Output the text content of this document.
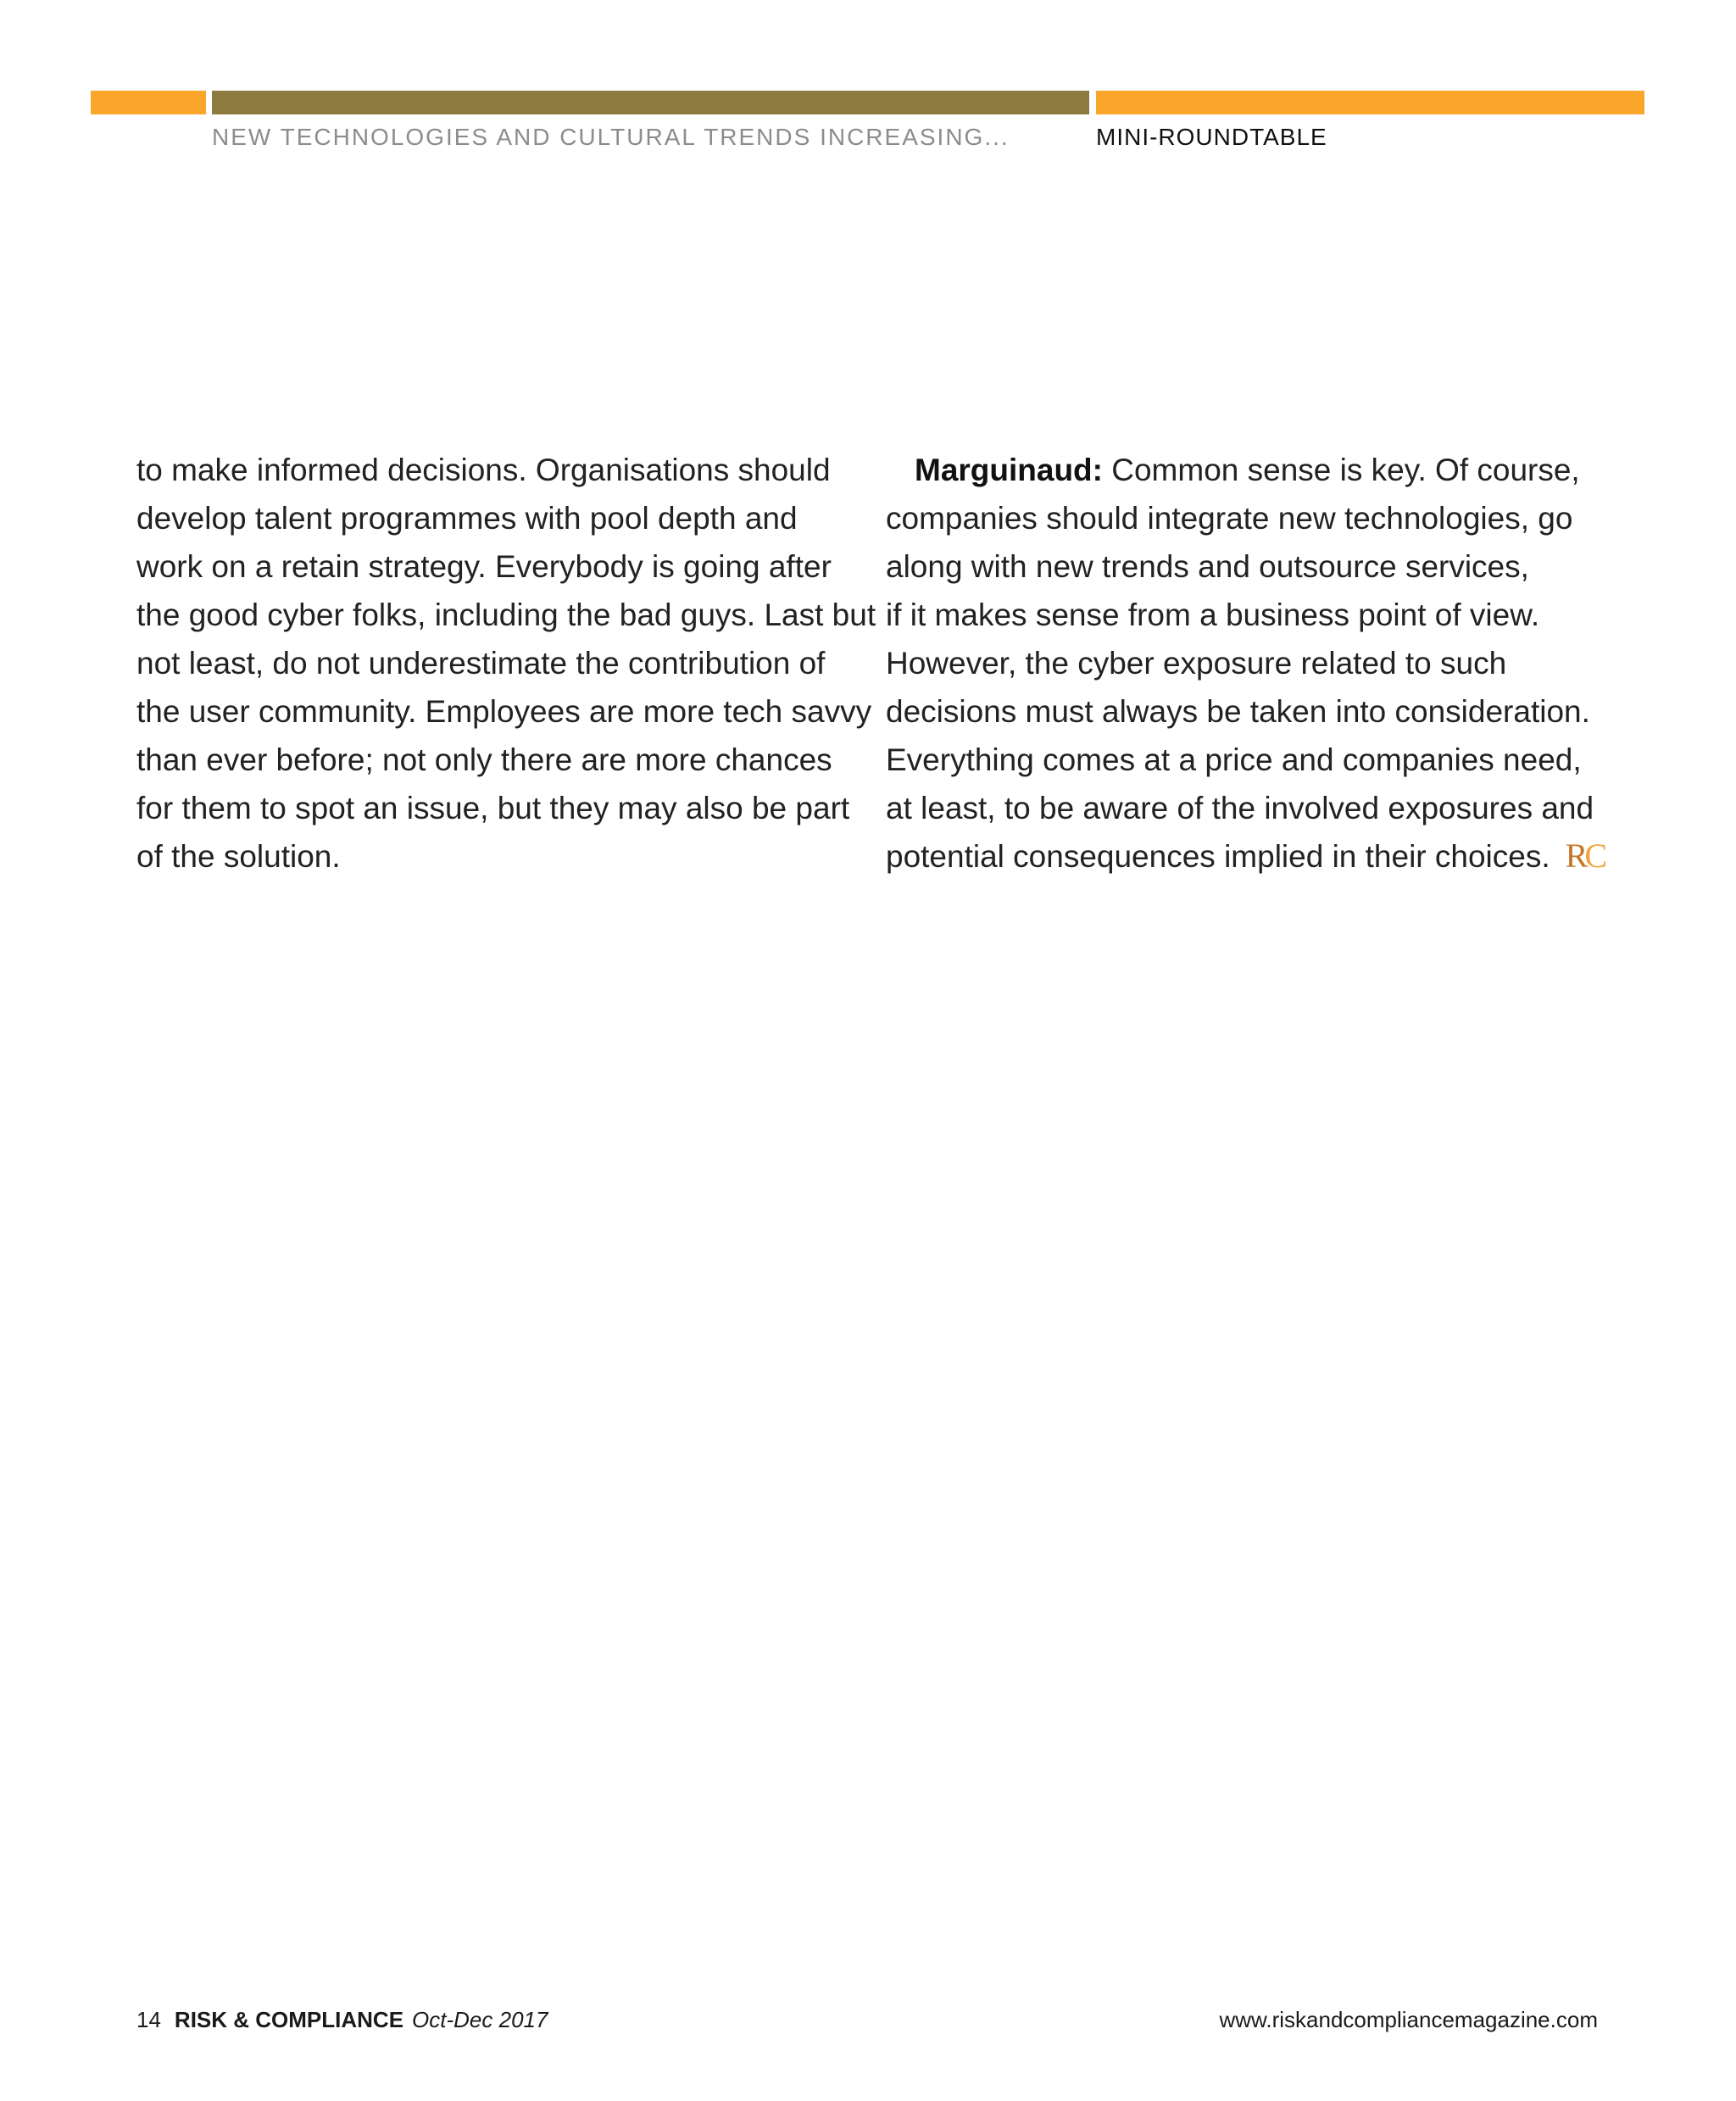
NEW TECHNOLOGIES AND CULTURAL TRENDS INCREASING...	MINI-ROUNDTABLE
to make informed decisions. Organisations should
develop talent programmes with pool depth and
work on a retain strategy. Everybody is going after
the good cyber folks, including the bad guys. Last but
not least, do not underestimate the contribution of
the user community. Employees are more tech savvy
than ever before; not only there are more chances
for them to spot an issue, but they may also be part
of the solution.
Marguinaud: Common sense is key. Of course,
companies should integrate new technologies, go
along with new trends and outsource services,
if it makes sense from a business point of view.
However, the cyber exposure related to such
decisions must always be taken into consideration.
Everything comes at a price and companies need,
at least, to be aware of the involved exposures and
potential consequences implied in their choices. RC
14 RISK & COMPLIANCE Oct-Dec 2017	www.riskandcompliancemagazine.com
